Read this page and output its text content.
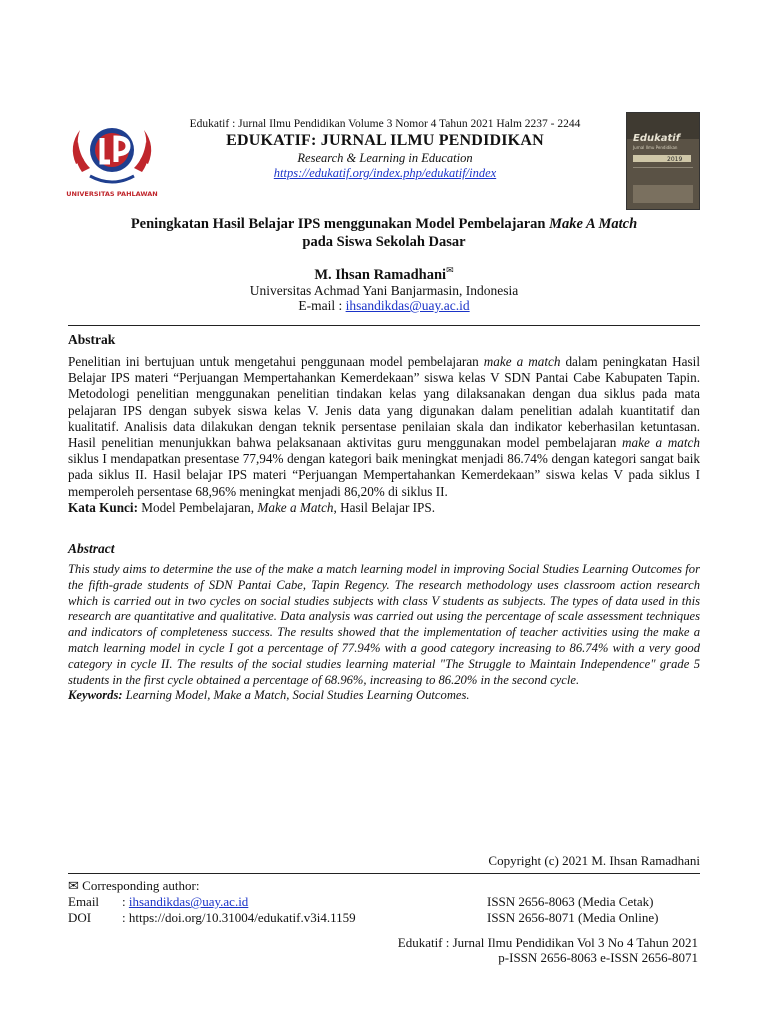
UNIVERSITAS PAHLAWAN
Edukatif : Jurnal Ilmu Pendidikan Volume 3 Nomor 4 Tahun 2021 Halm 2237 - 2244
EDUKATIF: JURNAL ILMU PENDIDIKAN
Research & Learning in Education
https://edukatif.org/index.php/edukatif/index
Edukatif
Jurnal Ilmu Pendidikan
2019
Peningkatan Hasil Belajar IPS menggunakan Model Pembelajaran Make A Match
pada Siswa Sekolah Dasar
M. Ihsan Ramadhani✉
Universitas Achmad Yani Banjarmasin, Indonesia
E-mail : ihsandikdas@uay.ac.id
Abstrak

Penelitian ini bertujuan untuk mengetahui penggunaan model pembelajaran make a match dalam peningkatan Hasil Belajar IPS materi “Perjuangan Mempertahankan Kemerdekaan” siswa kelas V SDN Pantai Cabe Kabupaten Tapin. Metodologi penelitian menggunakan penelitian tindakan kelas yang dilaksanakan dengan dua siklus pada mata pelajaran IPS dengan subyek siswa kelas V. Jenis data yang digunakan dalam penelitian adalah kuantitatif dan kualitatif. Analisis data dilakukan dengan teknik persentase penilaian skala dan indikator keberhasilan ketuntasan. Hasil penelitian menunjukkan bahwa pelaksanaan aktivitas guru menggunakan model pembelajaran make a match siklus I mendapatkan presentase 77,94% dengan kategori baik meningkat menjadi 86.74% dengan kategori sangat baik pada siklus II. Hasil belajar IPS materi “Perjuangan Mempertahankan Kemerdekaan” siswa kelas V pada siklus I memperoleh persentase 68,96% meningkat menjadi 86,20% di siklus II.

Kata Kunci: Model Pembelajaran, Make a Match, Hasil Belajar IPS.

Abstract

This study aims to determine the use of the make a match learning model in improving Social Studies Learning Outcomes for the fifth-grade students of SDN Pantai Cabe, Tapin Regency. The research methodology uses classroom action research which is carried out in two cycles on social studies subjects with class V students as subjects. The types of data used in this research are quantitative and qualitative. Data analysis was carried out using the percentage of scale assessment techniques and indicators of completeness success. The results showed that the implementation of teacher activities using the make a match learning model in cycle I got a percentage of 77.94% with a good category increasing to 86.74% with a very good category in cycle II. The results of the social studies learning material "The Struggle to Maintain Independence" grade 5 students in the first cycle obtained a percentage of 68.96%, increasing to 86.20% in the second cycle.

Keywords: Learning Model, Make a Match, Social Studies Learning Outcomes.

Copyright (c) 2021 M. Ihsan Ramadhani
✉ Corresponding author:
Email : ihsandikdas@uay.ac.id
DOI : https://doi.org/10.31004/edukatif.v3i4.1159
ISSN 2656-8063 (Media Cetak)
ISSN 2656-8071 (Media Online)
Edukatif : Jurnal Ilmu Pendidikan Vol 3 No 4 Tahun 2021
p-ISSN 2656-8063 e-ISSN 2656-8071
